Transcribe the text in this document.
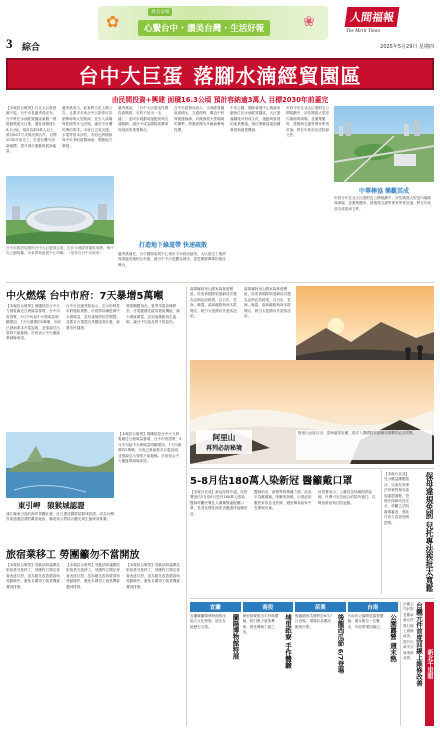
3 綜合
勇名安嶺
心繫台中 · 讚美台灣 · 生活好報
✿	❀	人間福報
The Merit Times
2025年5月29日 星期四
台中大巨蛋 落腳水湳經貿園區
由民間投資+興建 面積16.3公頃 預計容納逾3萬人 目標2030年前蓋完
【本報綜合報導】台北大巨蛋熱潮不退，台中市長盧秀燕宣布，台中將在水湳經貿園區東側一帶推動興建大巨蛋，選址面積達16.3公頃，預計容納3萬人以上，將以BOT方式與民間合作，目標2030年前完工，打造台灣中部新地標，提升城市運動與展演能量。
盧秀燕表示，此案將天花上網公告，且要求未來台中巨蛋需可容納棒球與大型展演，並引入商場與旅館等多元設施，滿足中台灣民眾的需求。市府已完成交通、水電等基本評估，市府也將積極與中央爭取經費補助，帶動地方發展。
盧秀燕說，「台中大巨蛋由民間投資興建，市府不用出一毛錢」，並同步規劃周邊配套與交通路網，讓台中成為國際級賽事與展演的重要舞台。
打造地下綠道帶 快速疏散
台中市經發局表示，水湳經貿園區面積大，交通便利，鄰近中科與捷運綠線，具備發展大型場館的優勢，將邀請國內外廠商參與投標。
中央公園、國際會展中心與綠美圖皆位於水湳經貿園區，大巨蛋落腳後可形成文化、運動與會展的產業聚落，預估帶動周邊商圈發展與就業機會。
市府今年在北大巨蛋附近公開規劃中，評估興建大型室內場館與球場，並邀集體育、建築與交通等專家學者討論，將在年底前完成招商文件。
盧秀燕補充，台中國際會展中心預計今年底前啟用，大巨蛋完工後將與周邊設施相互串連，讓台中不只是觀光城市，更是國際賽事的最佳舞台。
台中市政府規畫的台中大巨蛋預定地，位於水湳經貿園區東側，與中央公園相鄰，未來將與會展中心串聯。（取材自台中市政府）
中華棒協 樂觀其成
市府今年在北大巨蛋附近公開規劃中，評估興建大型室內場館與球場，並邀集體育、建築與交通等專家學者討論，將在年底前完成招商文件。
中火燃煤 台中市府：7天暴增5萬噸
【本報綜合報導】環團指控台中火力發電廠近日燃煤量暴增，台中市府證實，5月中旬起中火燃煤量明顯增加，7天內暴增約5萬噸，市府已發函要求台電說明，並強調空污管制不能鬆綁。市府表示中火應落實減煤承諾。
台中市長盧秀燕表示，空污防制是市府施政重點，市府將持續監測中火燃煤量，若有違規將依法開罰，並要求台電提出具體改善計畫，維護市民健康。
環保團體指出，夏季用電高峰將至，台電應優先啟用燃氣機組，減少燃煤發電，並加速推動再生能源，讓台中空氣品質不再惡化。
東引岬 猿猴城認證
連江縣東引島的海岸景觀壯麗，近日獲得國際猿猴城認證，成為台灣首座通過認證的離島地區，縣府表示將結合觀光與生態保育推廣。
【本報綜合報導】環團指控台中火力發電廠近日燃煤量暴增，台中市府證實，5月中旬起中火燃煤量明顯增加，7天內暴增約5萬噸，市府已發函要求台電說明，並強調空污管制不能鬆綁。市府表示中火應落實減煤承諾。
旅宿業移工 勞團籲勿不當開放
【本報綜合報導】勞動部研議開放旅宿業引進移工，勞團昨召開記者會表達反對，認為應先改善薪資與勞動條件，避免本國勞工就業機會遭到排擠。
【本報綜合報導】勞動部研議開放旅宿業引進移工，勞團昨召開記者會表達反對，認為應先改善薪資與勞動條件，避免本國勞工就業機會遭到排擠。
【本報綜合報導】勞動部研議開放旅宿業引進移工，勞團昨召開記者會表達反對，認為應先改善薪資與勞動條件，避免本國勞工就業機會遭到排擠。
嘉義縣阿里山國家森林遊樂區，再度被國際旅遊網站評選為亞洲必訪秘境，以日出、雲海、晚霞、森林鐵路與神木群聞名，吸引大批國內外遊客造訪。
嘉義縣阿里山國家森林遊樂區，再度被國際旅遊網站評選為亞洲必訪秘境，以日出、雲海、晚霞、森林鐵路與神木群聞名，吸引大批國內外遊客造訪。
阿里山
再列必訪秘境
阿里山山區日出、雲海風景壯麗，再次入選國際旅遊網站推薦的必訪景點。
5-8月估180萬人染新冠 醫籲戴口罩
【本報台北訊】新冠疫情升溫，疾管署預估5月至8月恐有180萬人感染，醫師呼籲民眾在人潮擁擠處配戴口罩，長者及慢性病患者應盡快接種疫苗。
醫師指出，新變異株傳播力強，症狀多為喉嚨痛、咳嗽與發燒，出現症狀應居家休息並快篩，避免傳染給家中長輩與幼童。
疾管署表示，公費疫苗持續提供接種，民眾可至各地合約院所施打，以降低重症與住院風險。
【本報台北訊】兒少權益團體批評，兒童托育專法草案對保母違規處罰過輕，恐無法保障幼兒安全，呼籲立法院審慎審查，強化托育人員管理與罰則。	保母違規免罰 兒托專法挨批太寬鬆
宜蘭
宜蘭縣蘭陽博物館推出地方文化特展，展出在地歷史文物。	蘭陽博物館特展
南投
埔里紙寮推出手抄紙體驗，吸引親子遊客參與，感受傳統工藝之美。	埔里紙寮 手作體驗
苗栗
後龍鎮西瓜節將於6月7日登場，現場有品嚐活動與市集。	後龍西瓜節 6/7登場
台南
台南市公園開放露營體驗，週末帳位一位難求，市府將增加場次。 公園露營 週末熱
台鐵公司針對老舊車廂元件進行線上維修改善，提升行車安全與乘車品質。 台鐵元件首度回線上維修改善 新北千里眼
